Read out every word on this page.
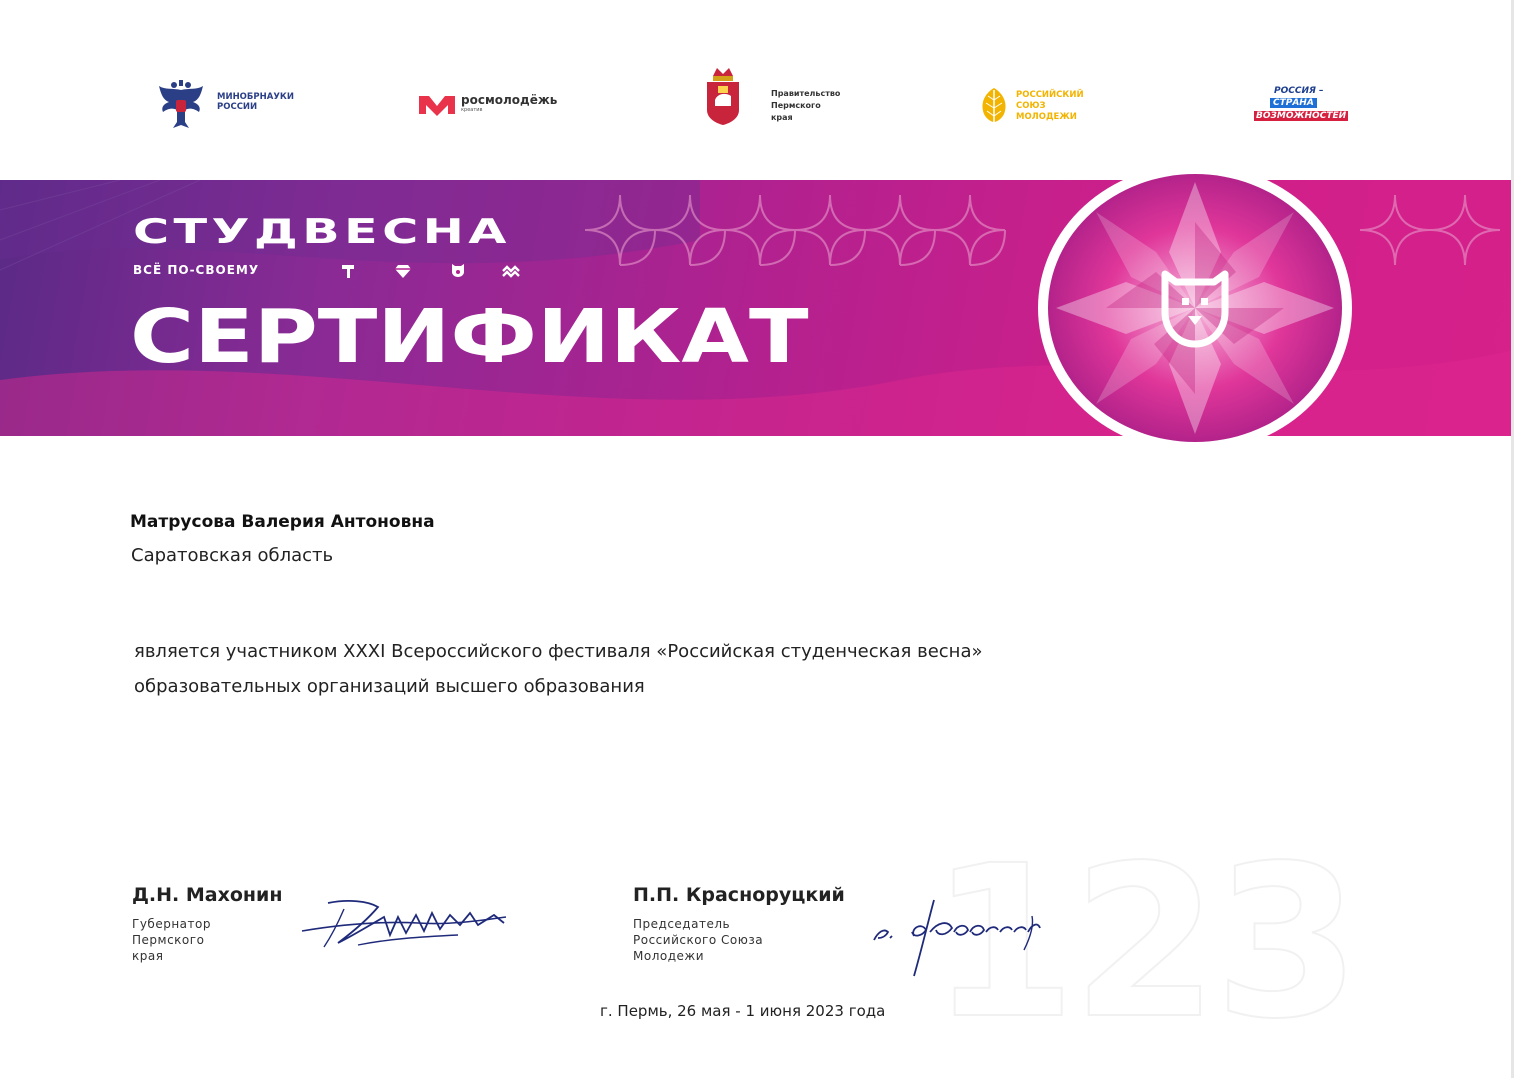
МИНОБРНАУКИ
РОССИИ	росмолодёжь
креатив
Правительство
Пермского
края
РОССИЙСКИЙ
СОЮЗ
МОЛОДЕЖИ
РОССИЯ –
СТРАНА
ВОЗМОЖНОСТЕЙ
СТУДВЕСНА
ВСЁ ПО-СВОЕМУ
СЕРТИФИКАТ
Матрусова Валерия Антоновна
Саратовская область
является участником XXXI Всероссийского фестиваля «Российская студенческая весна»
образовательных организаций высшего образования
123
Д.Н. Махонин
Губернатор
Пермского
края
П.П. Красноруцкий
Председатель
Российского Союза
Молодежи
г. Пермь, 26 мая - 1 июня 2023 года
